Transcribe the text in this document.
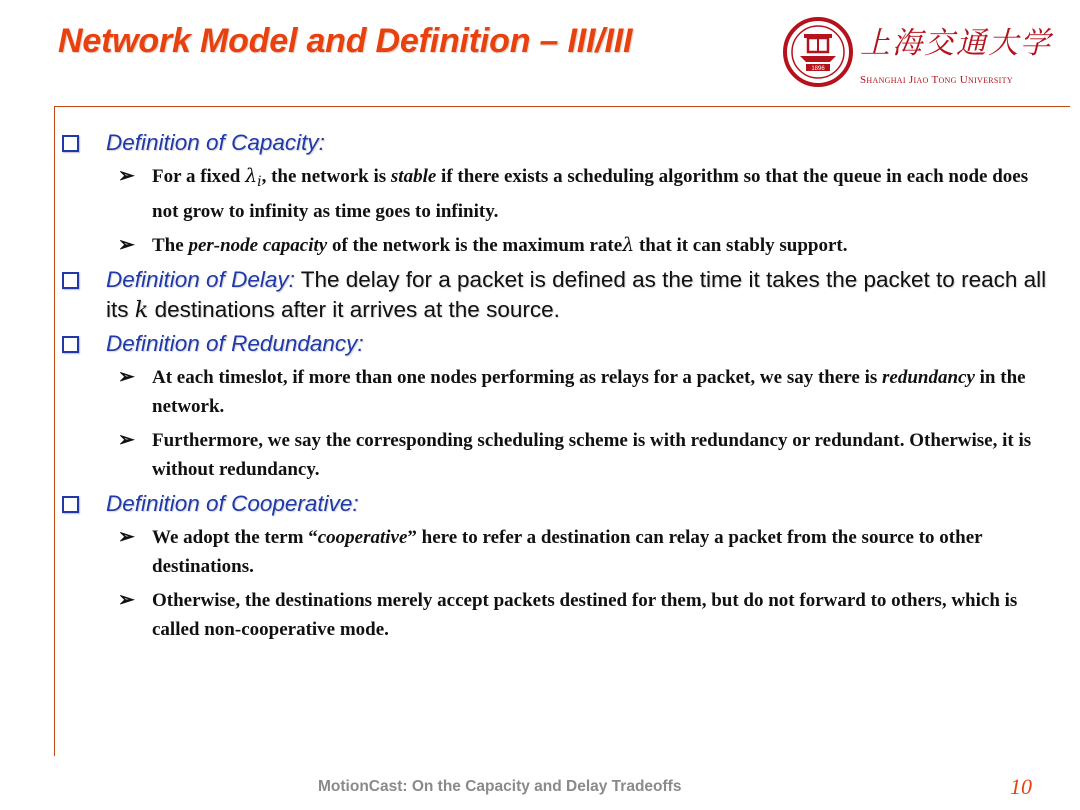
Network Model and Definition – III/III
1896
上海交通大学
Shanghai Jiao Tong University
Definition of Capacity:
➢ For a fixed $\lambda_i$, the network is stable if there exists a scheduling algorithm so that the queue in each node does not grow to infinity as time goes to infinity.
➢ The per-node capacity of the network is the maximum rateλ that it can stably support.
Definition of Delay: The delay for a packet is defined as the time it takes the packet to reach all its k destinations after it arrives at the source.
Definition of Redundancy:
➢ At each timeslot, if more than one nodes performing as relays for a packet, we say there is redundancy in the network.
➢ Furthermore, we say the corresponding scheduling scheme is with redundancy or redundant. Otherwise, it is without redundancy.
Definition of Cooperative:
➢ We adopt the term “cooperative” here to refer a destination can relay a packet from the source to other destinations.
➢ Otherwise, the destinations merely accept packets destined for them, but do not forward to others, which is called non-cooperative mode.
MotionCast: On the Capacity and Delay Tradeoffs	10
